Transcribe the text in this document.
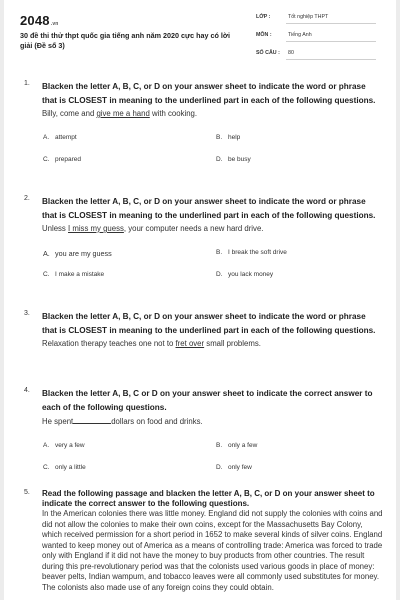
2048.vn
30 đề thi thử thpt quốc gia tiếng anh năm 2020 cực hay có lời giải (Đề số 3)
LỚP :	Tốt nghiệp THPT
MÔN :	Tiếng Anh
SỐ CÂU : 80
1. Blacken the letter A, B, C, or D on your answer sheet to indicate the word or phrase that is CLOSEST in meaning to the underlined part in each of the following questions.
Billy, come and give me a hand with cooking.
A. attempt	B. help
C. prepared	D. be busy
2. Blacken the letter A, B, C, or D on your answer sheet to indicate the word or phrase that is CLOSEST in meaning to the underlined part in each of the following questions.
Unless I miss my guess, your computer needs a new hard drive.
A. you are my guess	B. I break the soft drive
C. I make a mistake	D. you lack money
3. Blacken the letter A, B, C, or D on your answer sheet to indicate the word or phrase that is CLOSEST in meaning to the underlined part in each of the following questions.
Relaxation therapy teaches one not to fret over small problems.
4. Blacken the letter A, B, C or D on your answer sheet to indicate the correct answer to each of the following questions.
He spent	dollars on food and drinks.
A. very a few	B. only a few
C. only a little	D. only few
5. Read the following passage and blacken the letter A, B, C, or D on your answer sheet to indicate the correct answer to the following questions.
In the American colonies there was little money. England did not supply the colonies with coins and did not allow the colonies to make their own coins, except for the Massachusetts Bay Colony, which received permission for a short period in 1652 to make several kinds of silver coins. England wanted to keep money out of America as a means of controlling trade: America was forced to trade only with England if it did not have the money to buy products from other countries. The result during this pre-revolutionary period was that the colonists used various goods in place of money: beaver pelts, Indian wampum, and tobacco leaves were all commonly used substitutes for money. The colonists also made use of any foreign coins they could obtain.
